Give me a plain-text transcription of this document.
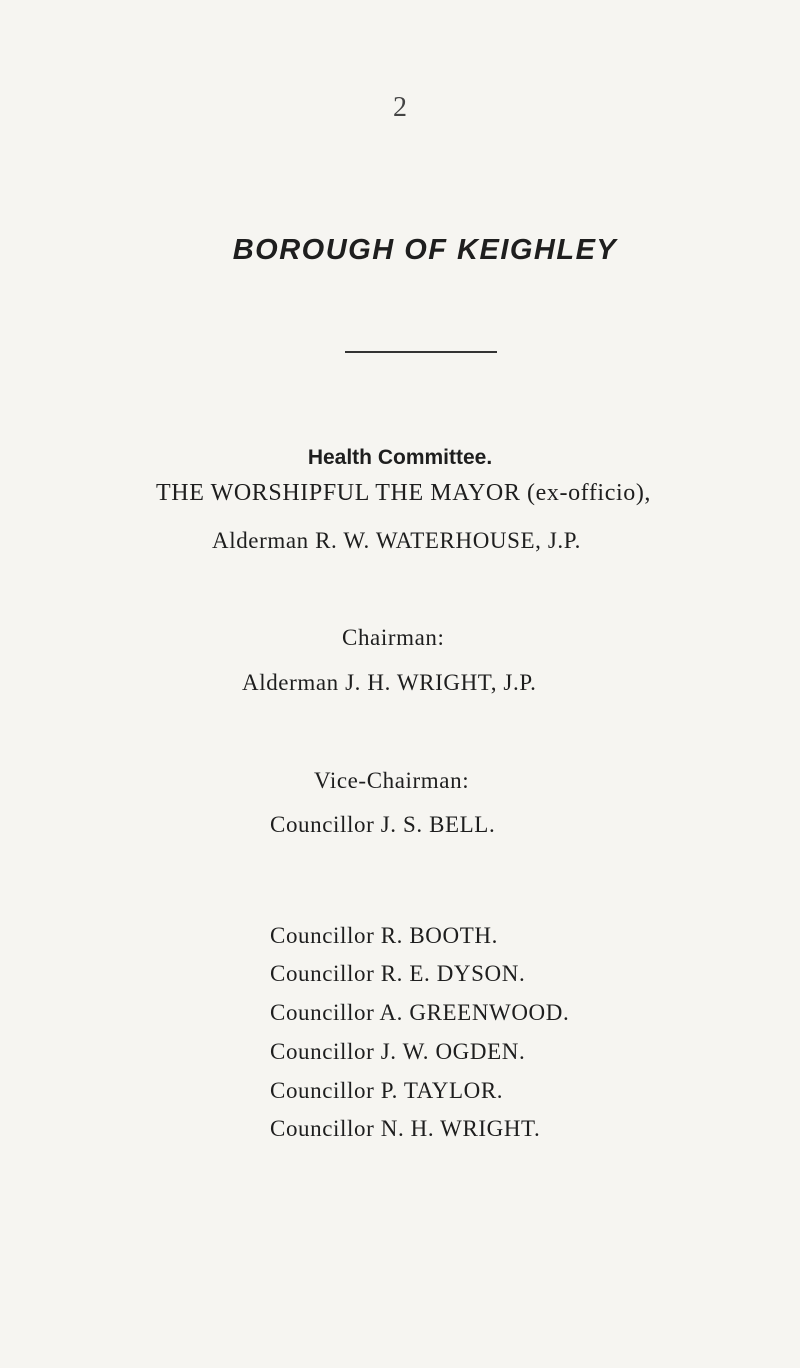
2
BOROUGH OF KEIGHLEY
Health Committee.
THE WORSHIPFUL THE MAYOR (ex-officio),
Alderman R. W. WATERHOUSE, J.P.
Chairman:
Alderman J. H. WRIGHT, J.P.
Vice-Chairman:
Councillor J. S. BELL.
Councillor R. BOOTH.
Councillor R. E. DYSON.
Councillor A. GREENWOOD.
Councillor J. W. OGDEN.
Councillor P. TAYLOR.
Councillor N. H. WRIGHT.
